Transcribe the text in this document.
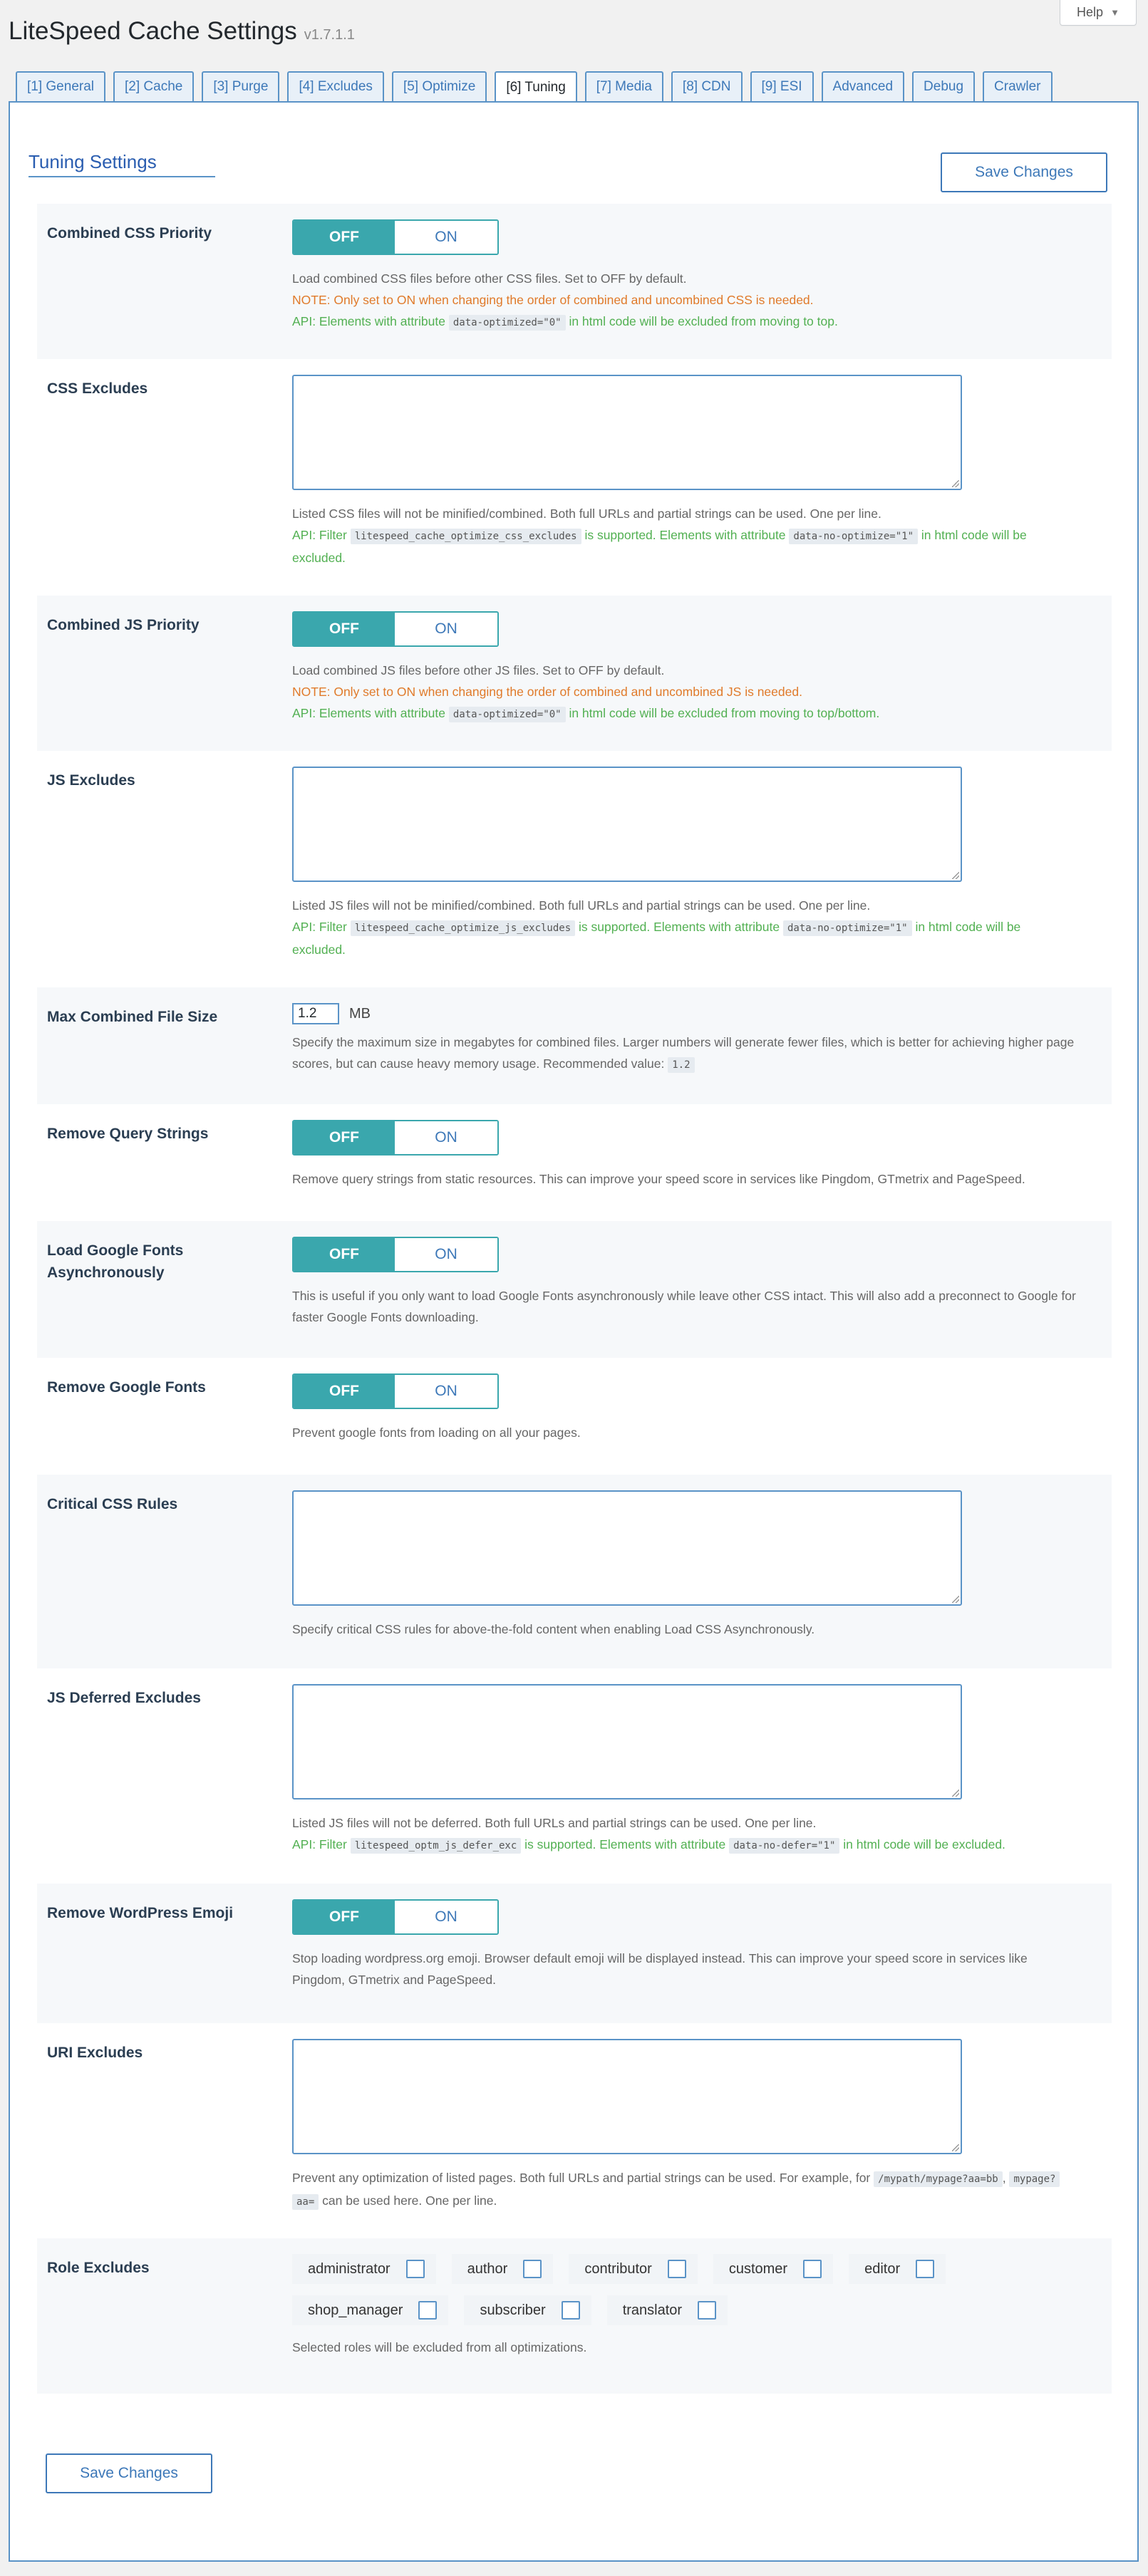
LiteSpeed Cache Settings v1.7.1.1
Help ▼
[1] General	[2] Cache	[3] Purge	[4] Excludes	[5] Optimize	[6] Tuning	[7] Media	[8] CDN	[9] ESI	Advanced	Debug	Crawler
Tuning Settings	Save Changes
Combined CSS Priority	OFF	ON
Load combined CSS files before other CSS files. Set to OFF by default.
NOTE: Only set to ON when changing the order of combined and uncombined CSS is needed.
API: Elements with attribute data-optimized="0" in html code will be excluded from moving to top.
CSS Excludes
Listed CSS files will not be minified/combined. Both full URLs and partial strings can be used. One per line.
API: Filter litespeed_cache_optimize_css_excludes is supported. Elements with attribute data-no-optimize="1" in html code will be
excluded.
Combined JS Priority	OFF	ON
Load combined JS files before other JS files. Set to OFF by default.
NOTE: Only set to ON when changing the order of combined and uncombined JS is needed.
API: Elements with attribute data-optimized="0" in html code will be excluded from moving to top/bottom.
JS Excludes
Listed JS files will not be minified/combined. Both full URLs and partial strings can be used. One per line.
API: Filter litespeed_cache_optimize_js_excludes is supported. Elements with attribute data-no-optimize="1" in html code will be
excluded.
Max Combined File Size	1.2 MB
Specify the maximum size in megabytes for combined files. Larger numbers will generate fewer files, which is better for achieving higher page
scores, but can cause heavy memory usage. Recommended value: 1.2
Remove Query Strings	OFF	ON
Remove query strings from static resources. This can improve your speed score in services like Pingdom, GTmetrix and PageSpeed.
Load Google Fonts Asynchronously
OFF	ON
This is useful if you only want to load Google Fonts asynchronously while leave other CSS intact. This will also add a preconnect to Google for
faster Google Fonts downloading.
Remove Google Fonts	OFF	ON
Prevent google fonts from loading on all your pages.
Critical CSS Rules
Specify critical CSS rules for above-the-fold content when enabling Load CSS Asynchronously.
JS Deferred Excludes
Listed JS files will not be deferred. Both full URLs and partial strings can be used. One per line.
API: Filter litespeed_optm_js_defer_exc is supported. Elements with attribute data-no-defer="1" in html code will be excluded.
Remove WordPress Emoji	OFF	ON
Stop loading wordpress.org emoji. Browser default emoji will be displayed instead. This can improve your speed score in services like
Pingdom, GTmetrix and PageSpeed.
URI Excludes
Prevent any optimization of listed pages. Both full URLs and partial strings can be used. For example, for /mypath/mypage?aa=bb , mypage?
aa= can be used here. One per line.
Role Excludes	administrator	author	contributor	customer	editor
shop_manager	subscriber	translator
Selected roles will be excluded from all optimizations.
Save Changes
